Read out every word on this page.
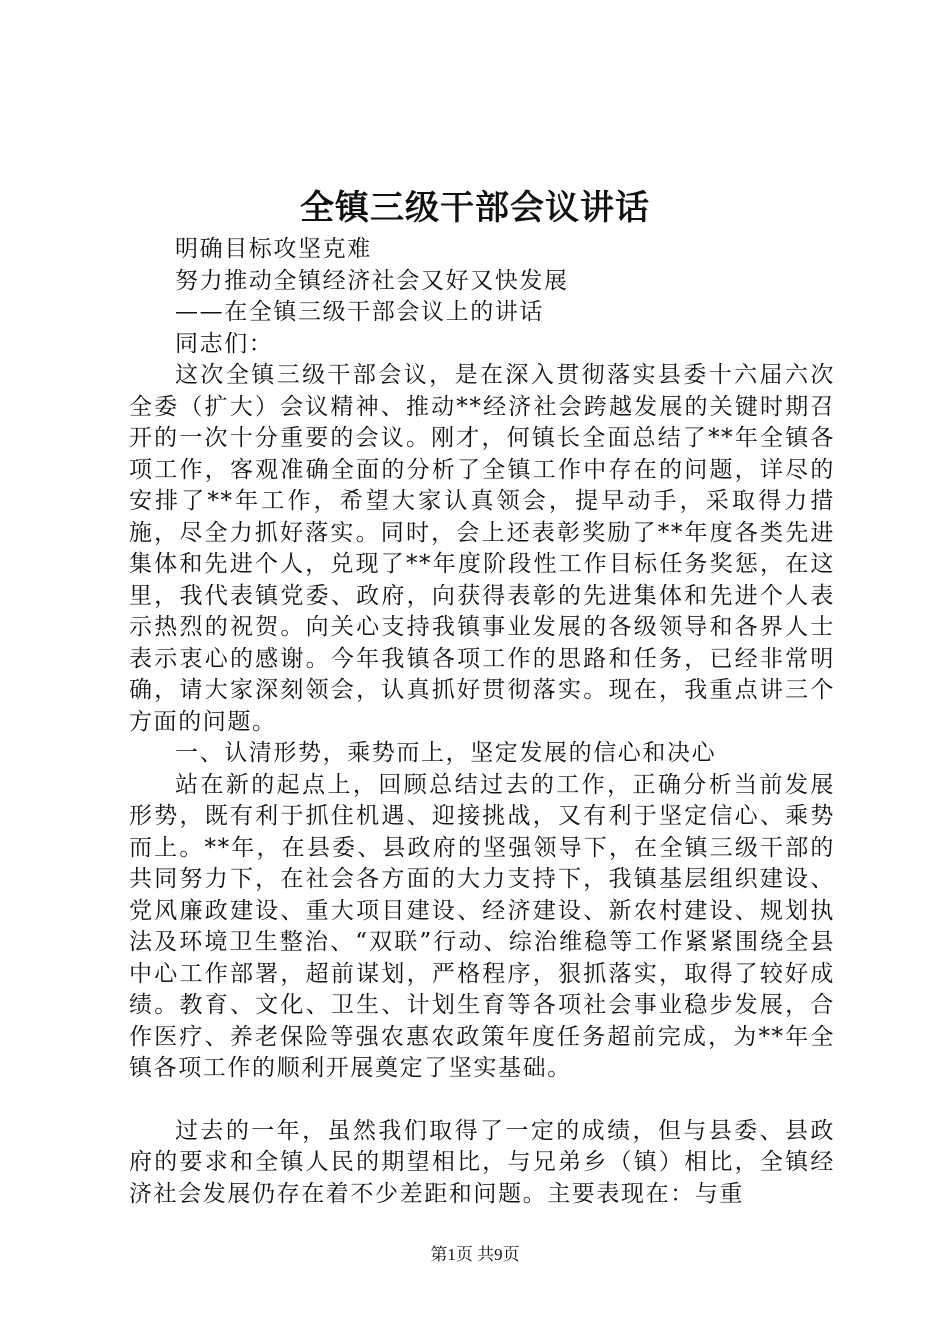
全镇三级干部会议讲话

明确目标攻坚克难

努力推动全镇经济社会又好又快发展

——在全镇三级干部会议上的讲话

同志们：

这次全镇三级干部会议，是在深入贯彻落实县委十六届六次全委（扩大）会议精神、推动**经济社会跨越发展的关键时期召开的一次十分重要的会议。刚才，何镇长全面总结了**年全镇各项工作，客观准确全面的分析了全镇工作中存在的问题，详尽的安排了**年工作，希望大家认真领会，提早动手，采取得力措施，尽全力抓好落实。同时，会上还表彰奖励了**年度各类先进集体和先进个人，兑现了**年度阶段性工作目标任务奖惩，在这里，我代表镇党委、政府，向获得表彰的先进集体和先进个人表示热烈的祝贺。向关心支持我镇事业发展的各级领导和各界人士表示衷心的感谢。今年我镇各项工作的思路和任务，已经非常明确，请大家深刻领会，认真抓好贯彻落实。现在，我重点讲三个方面的问题。

一、认清形势，乘势而上，坚定发展的信心和决心

站在新的起点上，回顾总结过去的工作，正确分析当前发展形势，既有利于抓住机遇、迎接挑战，又有利于坚定信心、乘势而上。**年，在县委、县政府的坚强领导下，在全镇三级干部的共同努力下，在社会各方面的大力支持下，我镇基层组织建设、党风廉政建设、重大项目建设、经济建设、新农村建设、规划执法及环境卫生整治、“双联”行动、综治维稳等工作紧紧围绕全县中心工作部署，超前谋划，严格程序，狠抓落实，取得了较好成绩。教育、文化、卫生、计划生育等各项社会事业稳步发展，合作医疗、养老保险等强农惠农政策年度任务超前完成，为**年全镇各项工作的顺利开展奠定了坚实基础。

过去的一年，虽然我们取得了一定的成绩，但与县委、县政府的要求和全镇人民的期望相比，与兄弟乡（镇）相比，全镇经济社会发展仍存在着不少差距和问题。主要表现在：与重

第1页 共9页
